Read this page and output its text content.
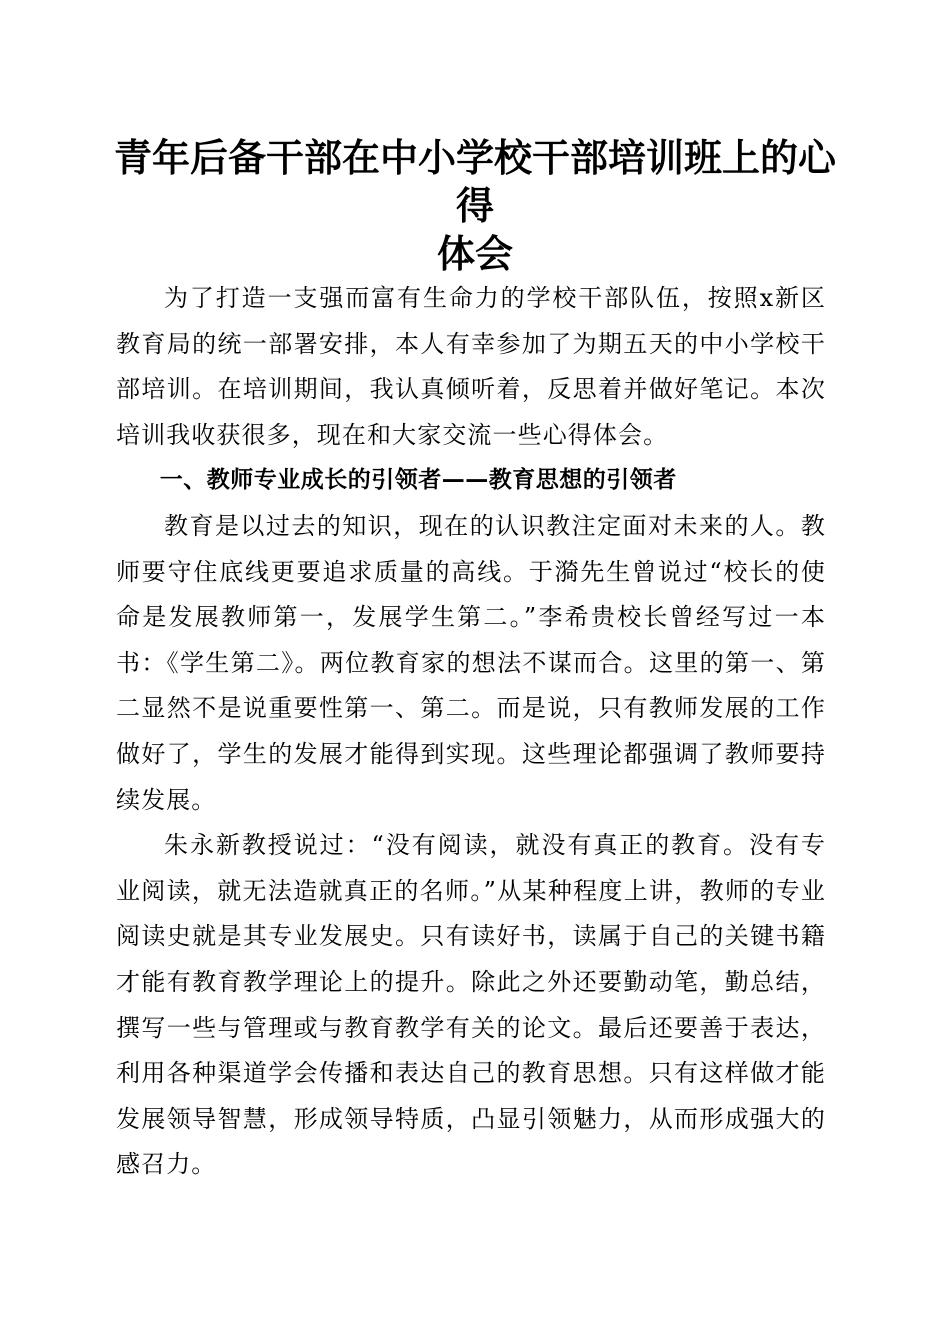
青年后备干部在中小学校干部培训班上的心得
体会

为了打造一支强而富有生命力的学校干部队伍，按照x新区教育局的统一部署安排，本人有幸参加了为期五天的中小学校干部培训。在培训期间，我认真倾听着，反思着并做好笔记。本次培训我收获很多，现在和大家交流一些心得体会。

一、教师专业成长的引领者——教育思想的引领者

教育是以过去的知识，现在的认识教注定面对未来的人。教师要守住底线更要追求质量的高线。于漪先生曾说过“校长的使命是发展教师第一，发展学生第二。”李希贵校长曾经写过一本书：《学生第二》。两位教育家的想法不谋而合。这里的第一、第二显然不是说重要性第一、第二。而是说，只有教师发展的工作做好了，学生的发展才能得到实现。这些理论都强调了教师要持续发展。

朱永新教授说过：“没有阅读，就没有真正的教育。没有专业阅读，就无法造就真正的名师。”从某种程度上讲，教师的专业阅读史就是其专业发展史。只有读好书，读属于自己的关键书籍才能有教育教学理论上的提升。除此之外还要勤动笔，勤总结，撰写一些与管理或与教育教学有关的论文。最后还要善于表达，利用各种渠道学会传播和表达自己的教育思想。只有这样做才能发展领导智慧，形成领导特质，凸显引领魅力，从而形成强大的感召力。
